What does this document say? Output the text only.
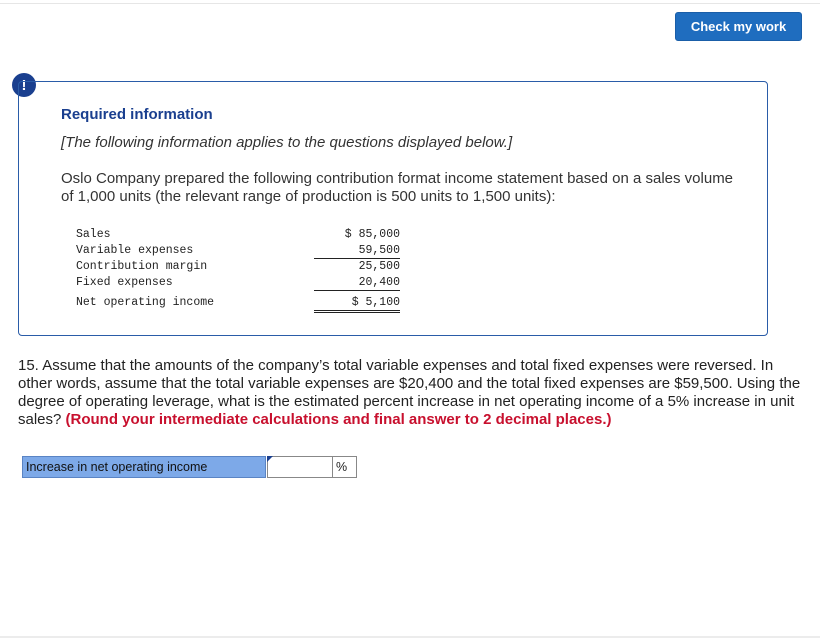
Check my work
!
Required information
[The following information applies to the questions displayed below.]
Oslo Company prepared the following contribution format income statement based on a sales volume of 1,000 units (the relevant range of production is 500 units to 1,500 units):
Sales	$ 85,000
Variable expenses	59,500
Contribution margin	25,500
Fixed expenses	20,400
Net operating income	$ 5,100
15. Assume that the amounts of the company’s total variable expenses and total fixed expenses were reversed. In other words, assume that the total variable expenses are $20,400 and the total fixed expenses are $59,500. Using the degree of operating leverage, what is the estimated percent increase in net operating income of a 5% increase in unit sales? (Round your intermediate calculations and final answer to 2 decimal places.)
Increase in net operating income	%
